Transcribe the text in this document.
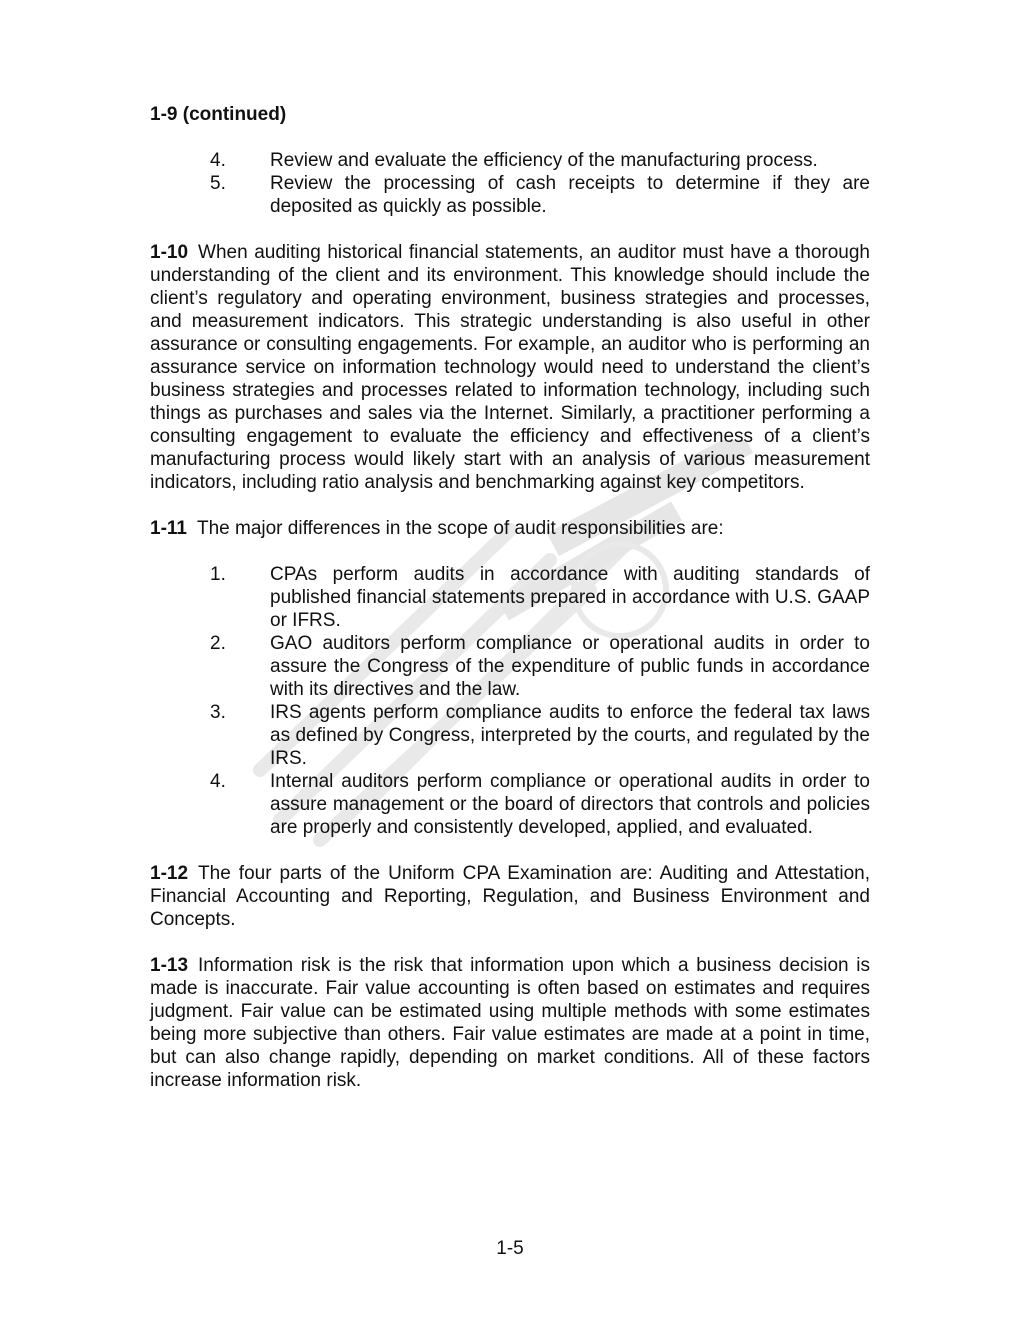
1-9 (continued)

4.	Review and evaluate the efficiency of the manufacturing process.
5.	Review the processing of cash receipts to determine if they are deposited as quickly as possible.

1-10 When auditing historical financial statements, an auditor must have a thorough understanding of the client and its environment. This knowledge should include the client’s regulatory and operating environment, business strategies and processes, and measurement indicators. This strategic understanding is also useful in other assurance or consulting engagements. For example, an auditor who is performing an assurance service on information technology would need to understand the client’s business strategies and processes related to information technology, including such things as purchases and sales via the Internet. Similarly, a practitioner performing a consulting engagement to evaluate the efficiency and effectiveness of a client’s manufacturing process would likely start with an analysis of various measurement indicators, including ratio analysis and benchmarking against key competitors.

1-11 The major differences in the scope of audit responsibilities are:

1.	CPAs perform audits in accordance with auditing standards of published financial statements prepared in accordance with U.S. GAAP or IFRS.
2.	GAO auditors perform compliance or operational audits in order to assure the Congress of the expenditure of public funds in accordance with its directives and the law.
3.	IRS agents perform compliance audits to enforce the federal tax laws as defined by Congress, interpreted by the courts, and regulated by the IRS.
4.	Internal auditors perform compliance or operational audits in order to assure management or the board of directors that controls and policies are properly and consistently developed, applied, and evaluated.

1-12 The four parts of the Uniform CPA Examination are: Auditing and Attestation, Financial Accounting and Reporting, Regulation, and Business Environment and Concepts.

1-13 Information risk is the risk that information upon which a business decision is made is inaccurate. Fair value accounting is often based on estimates and requires judgment. Fair value can be estimated using multiple methods with some estimates being more subjective than others. Fair value estimates are made at a point in time, but can also change rapidly, depending on market conditions. All of these factors increase information risk.

1-5
